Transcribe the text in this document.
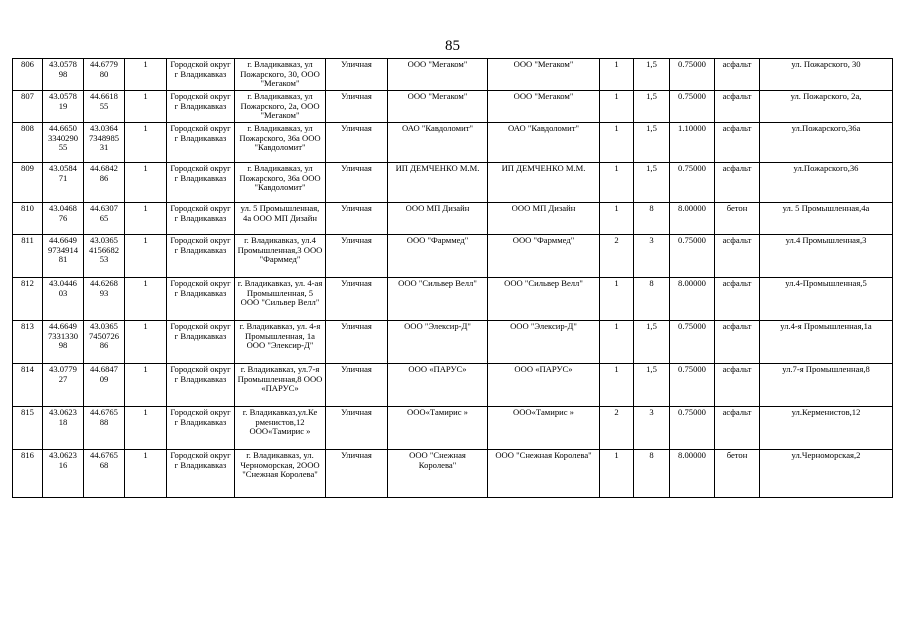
85
806	43.0578 98	44.6779 80	1	Городской округ г Владикавказ	г. Владикавказ, ул Пожарского, 30, ООО "Мегаком"	Уличная	ООО "Мегаком"	ООО "Мегаком"	1	1,5	0.75000	асфальт	ул. Пожарского, 30
807	43.0578 19	44.6618 55	1	Городской округ г Владикавказ	г. Владикавказ, ул Пожарского, 2а, ООО "Мегаком"	Уличная	ООО "Мегаком"	ООО "Мегаком"	1	1,5	0.75000	асфальт	ул. Пожарского, 2а,
808	44.6650 3340290 55	43.0364 7348985 31	1	Городской округ г Владикавказ	г. Владикавказ, ул Пожарского, 36а ООО "Кавдоломит"	Уличная	ОАО "Кавдоломит"	ОАО "Кавдоломит"	1	1,5	1.10000	асфальт	ул.Пожарского,36а
809	43.0584 71	44.6842 86	1	Городской округ г Владикавказ	г. Владикавказ, ул Пожарского, 36а ООО "Кавдоломит"	Уличная	ИП ДЕМЧЕНКО М.М.	ИП ДЕМЧЕНКО М.М.	1	1,5	0.75000	асфальт	ул.Пожарского,36
810	43.0468 76	44.6307 65	1	Городской округ г Владикавказ	ул. 5 Промышленная, 4а ООО МП Дизайн	Уличная	ООО МП Дизайн	ООО МП Дизайн	1	8	8.00000	бетон	ул. 5 Промышленная,4а
811	44.6649 9734914 81	43.0365 4156682 53	1	Городской округ г Владикавказ	г. Владикавказ, ул.4 Промышленная,3 ООО "Фарммед"	Уличная	ООО "Фарммед"	ООО "Фарммед"	2	3	0.75000	асфальт	ул.4 Промышленная,3
812	43.0446 03	44.6268 93	1	Городской округ г Владикавказ	г. Владикавказ, ул. 4-ая Промышленная, 5 ООО "Сильвер Велл"	Уличная	ООО "Сильвер Велл"	ООО "Сильвер Велл"	1	8	8.00000	асфальт	ул.4-Промышленная,5
813	44.6649 7331330 98	43.0365 7450726 86	1	Городской округ г Владикавказ	г. Владикавказ, ул. 4-я Промышленная, 1а ООО "Элексир-Д"	Уличная	ООО "Элексир-Д"	ООО "Элексир-Д"	1	1,5	0.75000	асфальт	ул.4-я Промышленная,1а
814	43.0779 27	44.6847 09	1	Городской округ г Владикавказ	г. Владикавказ, ул.7-я Промышленная,8 ООО «ПАРУС»	Уличная	ООО «ПАРУС»	ООО «ПАРУС»	1	1,5	0.75000	асфальт	ул.7-я Промышленная,8
815	43.0623 18	44.6765 88	1	Городской округ г Владикавказ	г. Владикавказ,ул.Ке рменистов,12 ООО«Тамирис »	Уличная	ООО«Тамирис »	ООО«Тамирис »	2	3	0.75000	асфальт	ул.Керменистов,12
816	43.0623 16	44.6765 68	1	Городской округ г Владикавказ	г. Владикавказ, ул. Черноморская, 2ООО "Снежная Королева"	Уличная	ООО "Снежная Королева"	ООО "Снежная Королева"	1	8	8.00000	бетон	ул.Черноморская,2
